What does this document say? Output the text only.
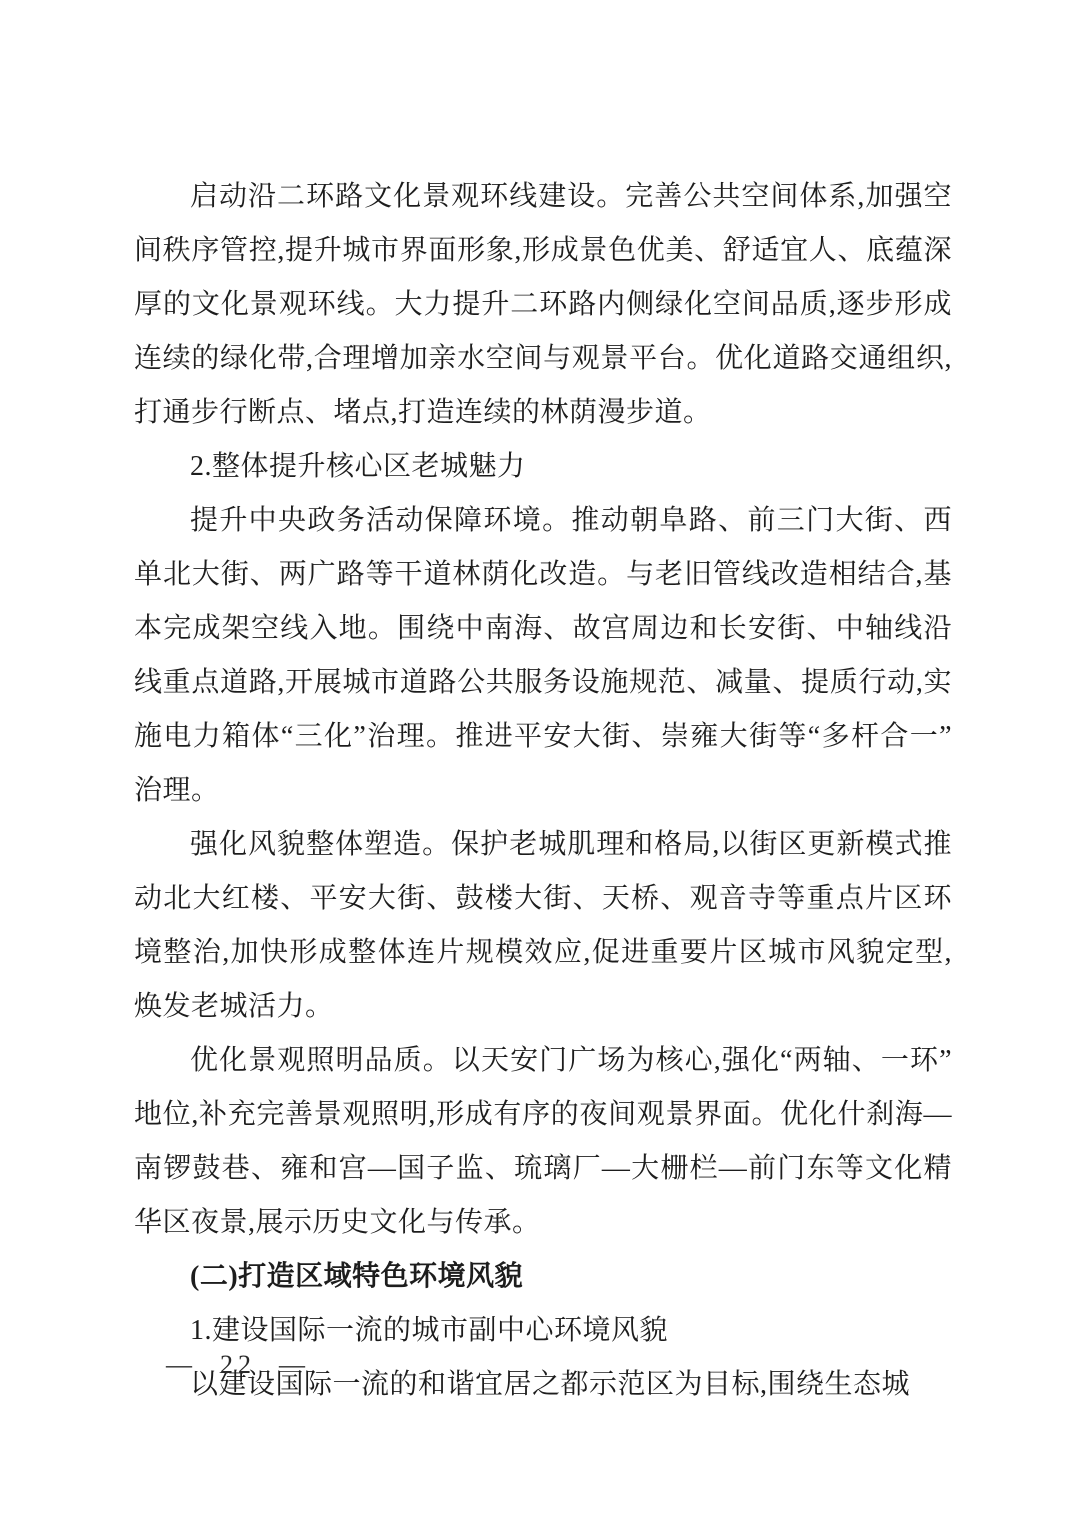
启动沿二环路文化景观环线建设。完善公共空间体系,加强空间秩序管控,提升城市界面形象,形成景色优美、舒适宜人、底蕴深厚的文化景观环线。大力提升二环路内侧绿化空间品质,逐步形成连续的绿化带,合理增加亲水空间与观景平台。优化道路交通组织,打通步行断点、堵点,打造连续的林荫漫步道。

2.整体提升核心区老城魅力

提升中央政务活动保障环境。推动朝阜路、前三门大街、西单北大街、两广路等干道林荫化改造。与老旧管线改造相结合,基本完成架空线入地。围绕中南海、故宫周边和长安街、中轴线沿线重点道路,开展城市道路公共服务设施规范、减量、提质行动,实施电力箱体“三化”治理。推进平安大街、崇雍大街等“多杆合一”治理。

强化风貌整体塑造。保护老城肌理和格局,以街区更新模式推动北大红楼、平安大街、鼓楼大街、天桥、观音寺等重点片区环境整治,加快形成整体连片规模效应,促进重要片区城市风貌定型,焕发老城活力。

优化景观照明品质。以天安门广场为核心,强化“两轴、一环”地位,补充完善景观照明,形成有序的夜间观景界面。优化什刹海—南锣鼓巷、雍和宫—国子监、琉璃厂—大栅栏—前门东等文化精华区夜景,展示历史文化与传承。

(二)打造区域特色环境风貌

1.建设国际一流的城市副中心环境风貌

以建设国际一流的和谐宜居之都示范区为目标,围绕生态城

—  22  —
